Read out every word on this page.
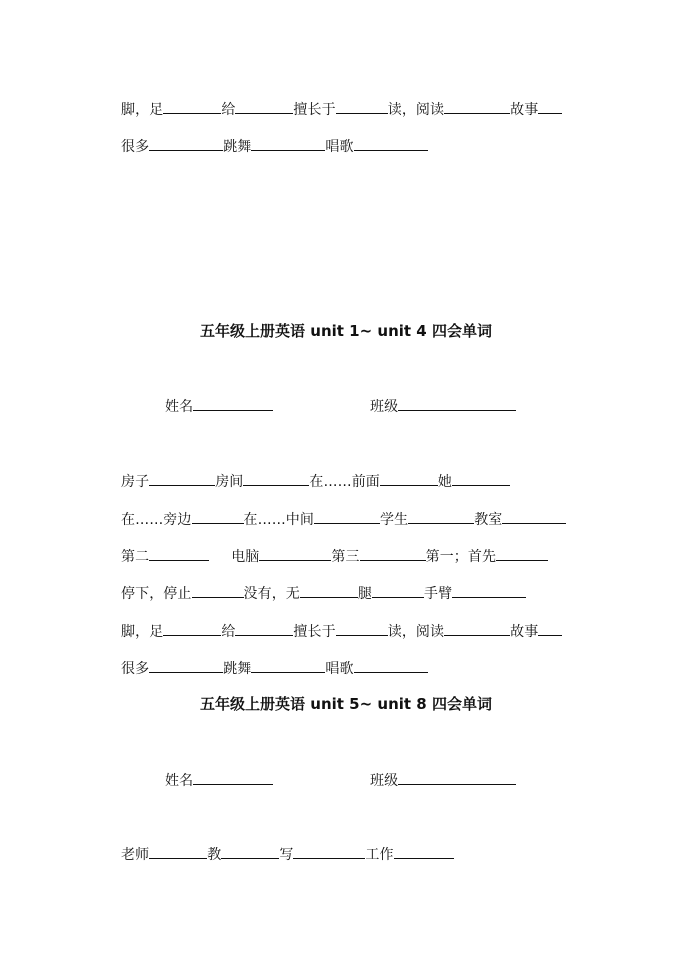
脚，足	给	擅长于	读，阅读	故事
很多	跳舞	唱歌
五年级上册英语 unit 1~ unit 4 四会单词
姓名	班级
房子	房间	在……前面	她
在……旁边	在……中间	学生	教室
第二	电脑	第三	第一；首先
停下，停止	没有，无	腿	手臂
脚，足	给	擅长于	读，阅读	故事
很多	跳舞	唱歌
五年级上册英语 unit 5~ unit 8 四会单词
姓名	班级
老师	教	写	工作
